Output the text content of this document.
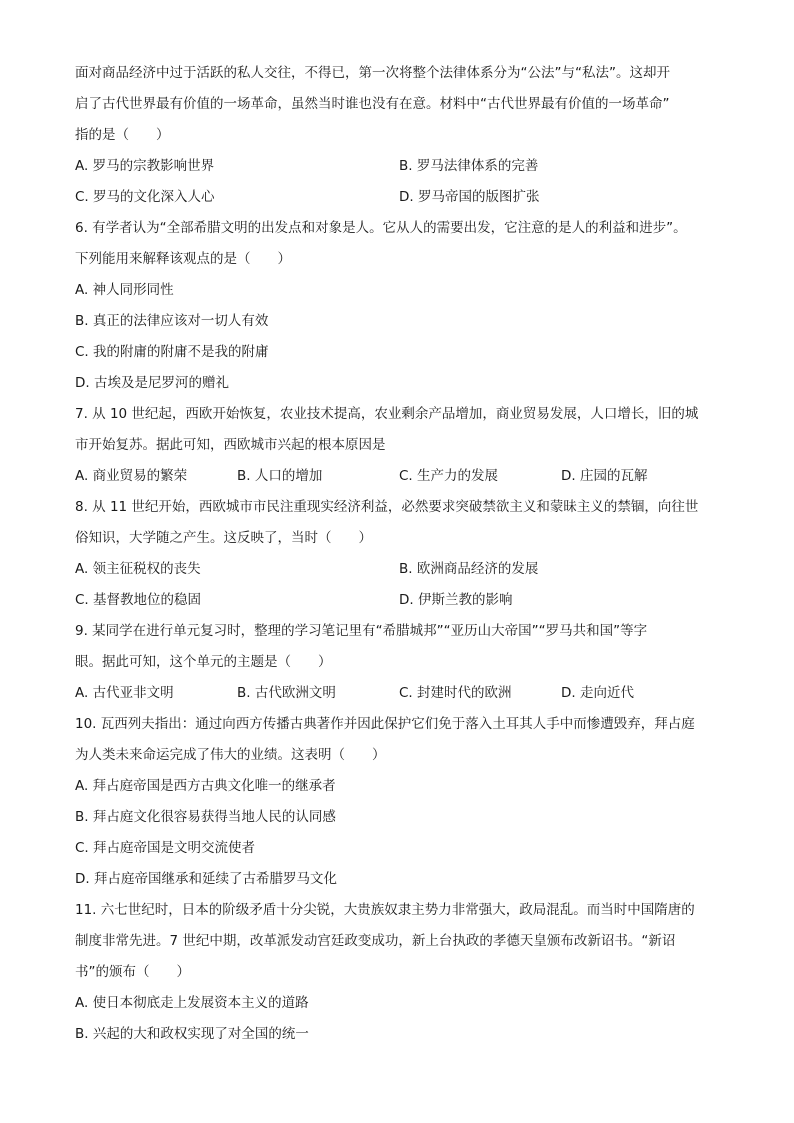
面对商品经济中过于活跃的私人交往，不得已，第一次将整个法律体系分为“公法”与“私法”。这却开
启了古代世界最有价值的一场革命，虽然当时谁也没有在意。材料中“古代世界最有价值的一场革命”
指的是（　　）
A. 罗马的宗教影响世界	B. 罗马法律体系的完善
C. 罗马的文化深入人心	D. 罗马帝国的版图扩张
6. 有学者认为“全部希腊文明的出发点和对象是人。它从人的需要出发，它注意的是人的利益和进步”。
下列能用来解释该观点的是（　　）
A. 神人同形同性
B. 真正的法律应该对一切人有效
C. 我的附庸的附庸不是我的附庸
D. 古埃及是尼罗河的赠礼
7. 从 10 世纪起，西欧开始恢复，农业技术提高，农业剩余产品增加，商业贸易发展，人口增长，旧的城
市开始复苏。据此可知，西欧城市兴起的根本原因是
A. 商业贸易的繁荣	B. 人口的增加	C. 生产力的发展	D. 庄园的瓦解
8. 从 11 世纪开始，西欧城市市民注重现实经济利益，必然要求突破禁欲主义和蒙昧主义的禁锢，向往世
俗知识，大学随之产生。这反映了，当时（　　）
A. 领主征税权的丧失	B. 欧洲商品经济的发展
C. 基督教地位的稳固	D. 伊斯兰教的影响
9. 某同学在进行单元复习时，整理的学习笔记里有“希腊城邦”“亚历山大帝国”“罗马共和国”等字
眼。据此可知，这个单元的主题是（　　）
A. 古代亚非文明	B. 古代欧洲文明	C. 封建时代的欧洲	D. 走向近代
10. 瓦西列夫指出：通过向西方传播古典著作并因此保护它们免于落入土耳其人手中而惨遭毁弃，拜占庭
为人类未来命运完成了伟大的业绩。这表明（　　）
A. 拜占庭帝国是西方古典文化唯一的继承者
B. 拜占庭文化很容易获得当地人民的认同感
C. 拜占庭帝国是文明交流使者
D. 拜占庭帝国继承和延续了古希腊罗马文化
11. 六七世纪时，日本的阶级矛盾十分尖锐，大贵族奴隶主势力非常强大，政局混乱。而当时中国隋唐的
制度非常先进。7 世纪中期，改革派发动宫廷政变成功，新上台执政的孝德天皇颁布改新诏书。“新诏
书”的颁布（　　）
A. 使日本彻底走上发展资本主义的道路
B. 兴起的大和政权实现了对全国的统一
